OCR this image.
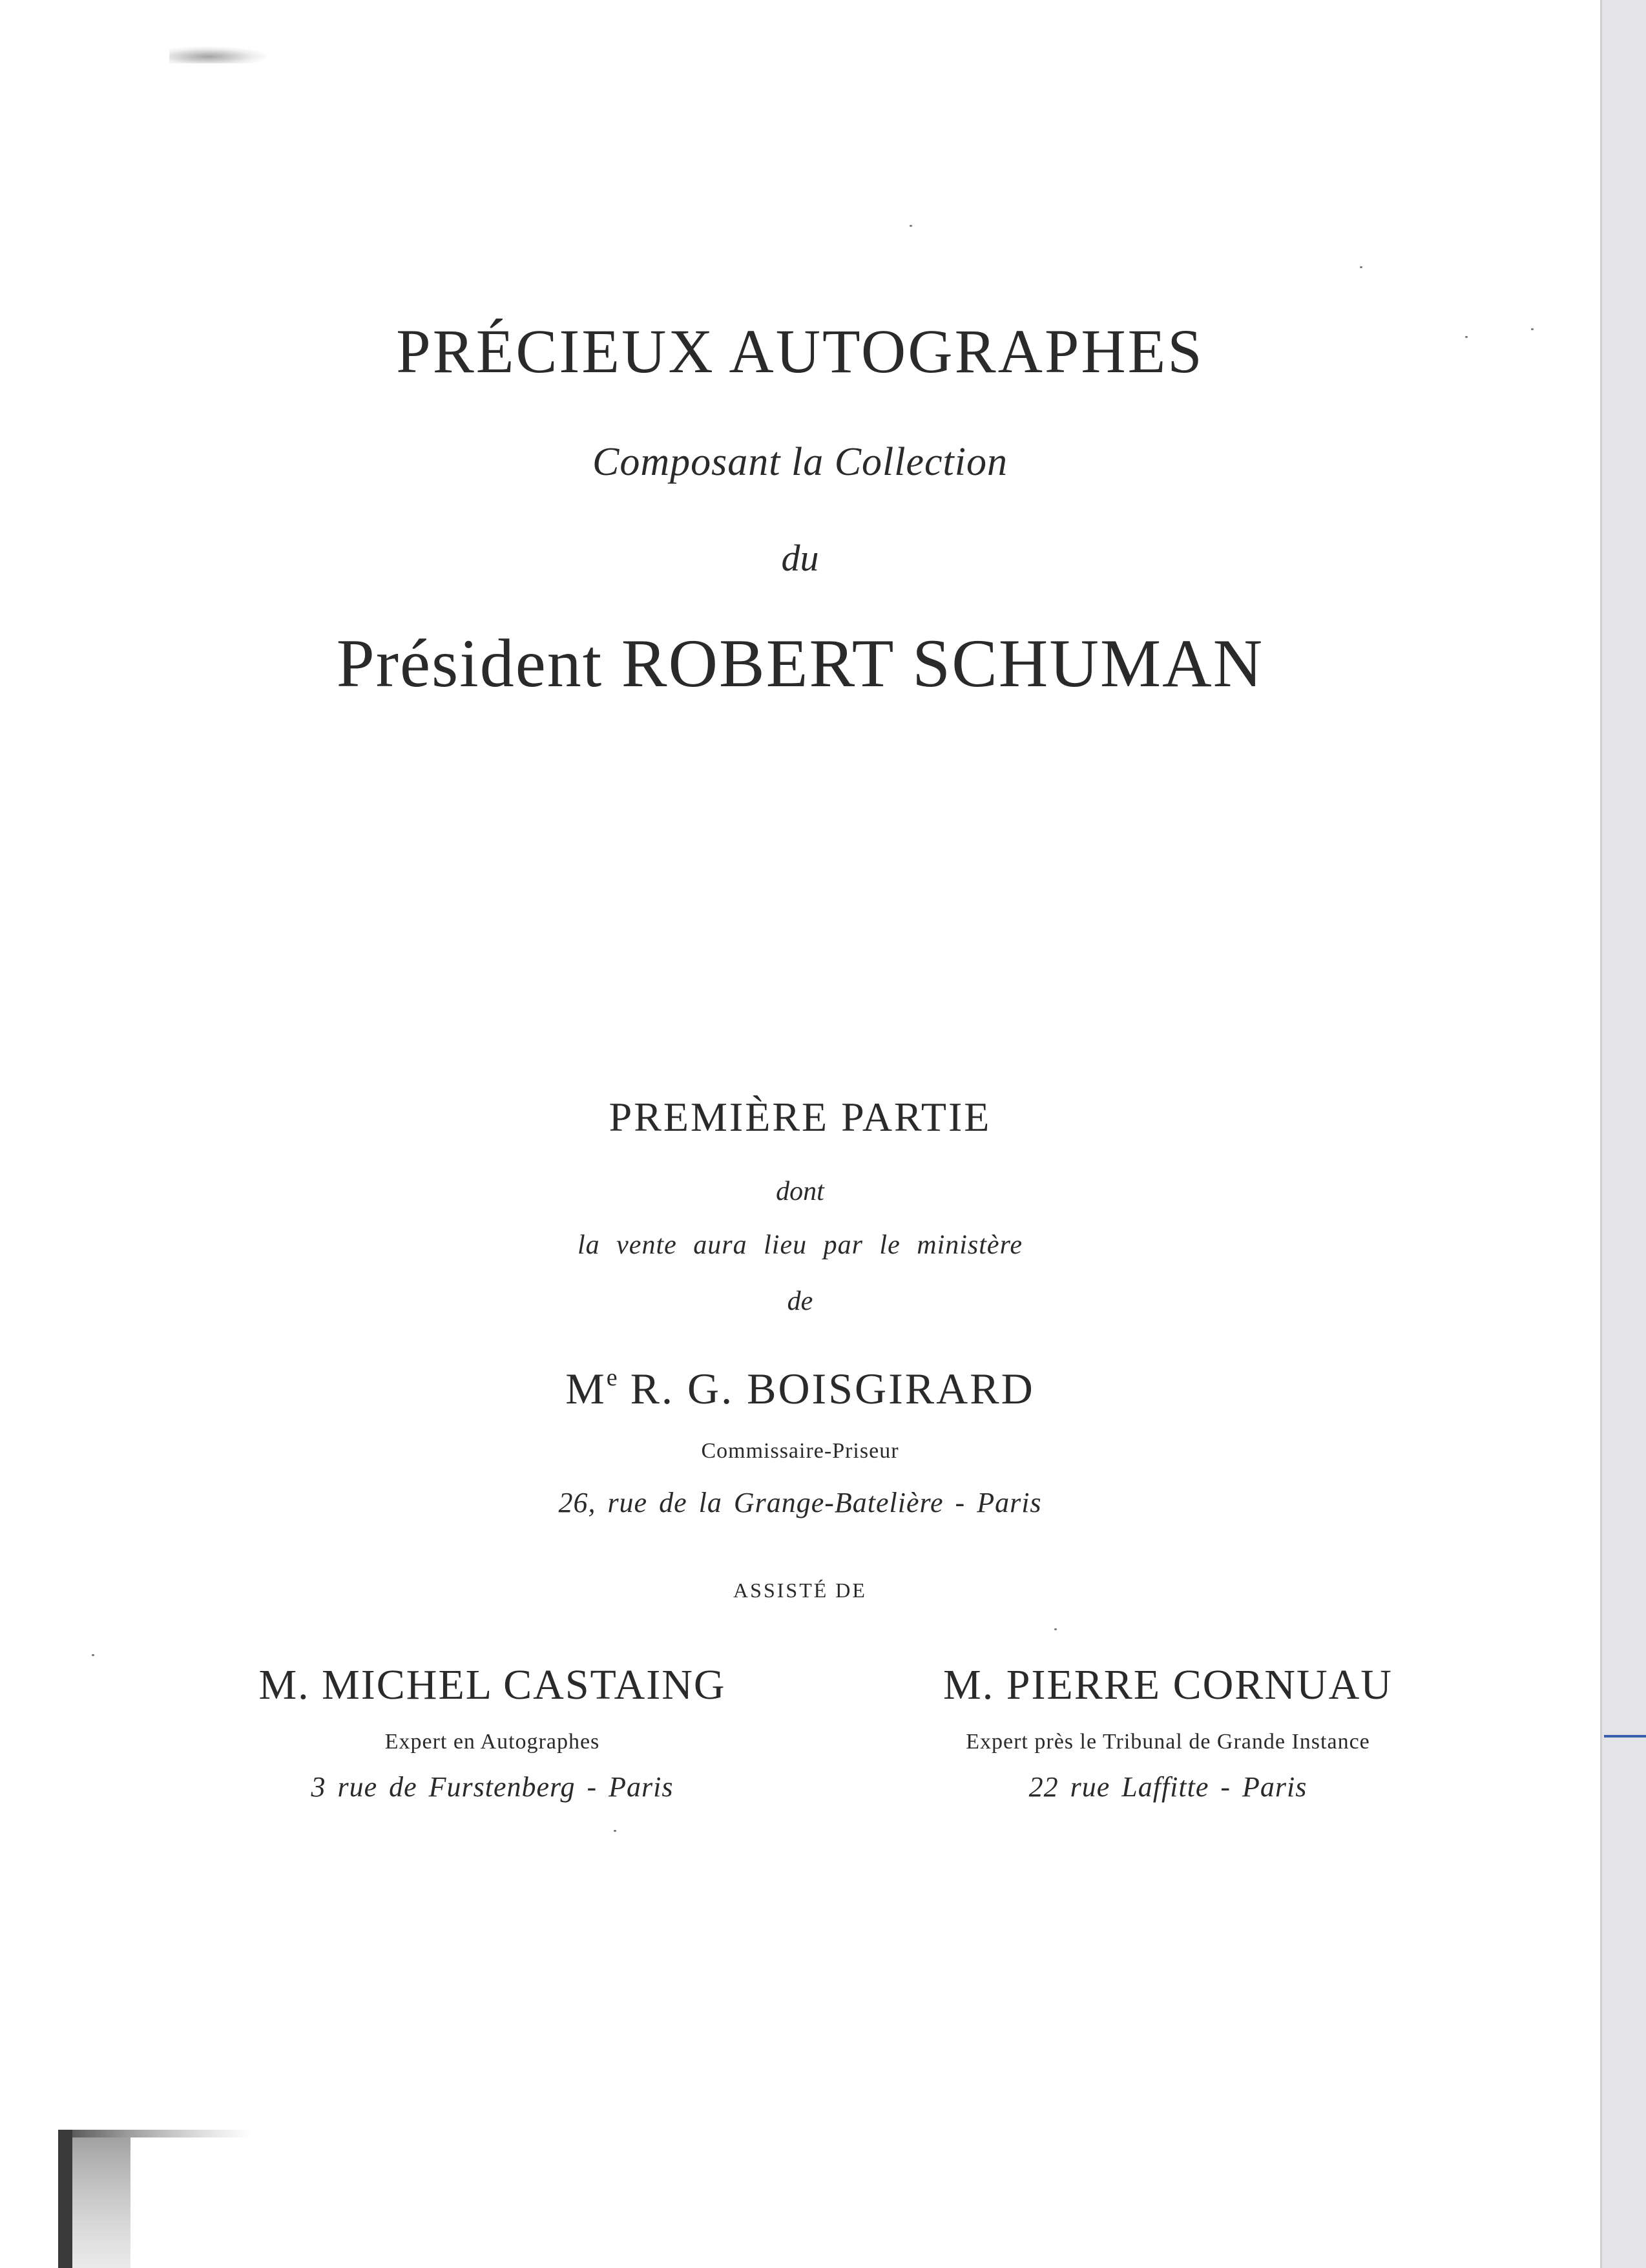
PRÉCIEUX AUTOGRAPHES
Composant la Collection
du
Président ROBERT SCHUMAN
PREMIÈRE PARTIE
dont
la vente aura lieu par le ministère
de
Me R. G. BOISGIRARD
Commissaire-Priseur
26, rue de la Grange-Batelière - Paris
ASSISTÉ DE
M. MICHEL CASTAING
Expert en Autographes
3 rue de Furstenberg - Paris
M. PIERRE CORNUAU
Expert près le Tribunal de Grande Instance
22 rue Laffitte - Paris
